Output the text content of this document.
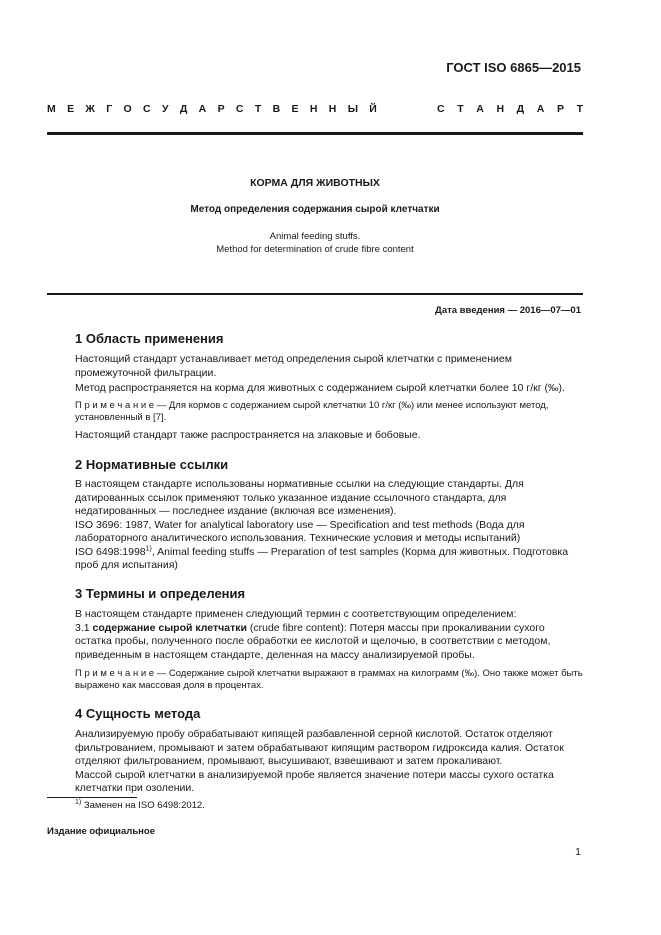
ГОСТ ISO 6865—2015
М Е Ж Г О С У Д А Р С Т В Е Н Н Ы Й	С Т А Н Д А Р Т
КОРМА ДЛЯ ЖИВОТНЫХ
Метод определения содержания сырой клетчатки
Animal feeding stuffs.
Method for determination of crude fibre content
Дата введения — 2016—07—01
1 Область применения

Настоящий стандарт устанавливает метод определения сырой клетчатки с применением промежуточной фильтрации.

Метод распространяется на корма для животных с содержанием сырой клетчатки более 10 г/кг (‰).

П р и м е ч а н и е — Для кормов с содержанием сырой клетчатки 10 г/кг (‰) или менее используют метод, установленный в [7].

Настоящий стандарт также распространяется на злаковые и бобовые.

2 Нормативные ссылки

В настоящем стандарте использованы нормативные ссылки на следующие стандарты. Для датированных ссылок применяют только указанное издание ссылочного стандарта, для недатированных — последнее издание (включая все изменения).

ISO 3696: 1987, Water for analytical laboratory use — Specification and test methods (Вода для лабораторного аналитического использования. Технические условия и методы испытаний)

ISO 6498:1998$^{1)}$, Animal feeding stuffs — Preparation of test samples (Корма для животных. Подготовка проб для испытания)

3 Термины и определения

В настоящем стандарте применен следующий термин с соответствующим определением:

3.1 содержание сырой клетчатки (crude fibre content): Потеря массы при прокаливании сухого остатка пробы, полученного после обработки ее кислотой и щелочью, в соответствии с методом, приведенным в настоящем стандарте, деленная на массу анализируемой пробы.

П р и м е ч а н и е — Содержание сырой клетчатки выражают в граммах на килограмм (‰). Оно также может быть выражено как массовая доля в процентах.

4 Сущность метода

Анализируемую пробу обрабатывают кипящей разбавленной серной кислотой. Остаток отделяют фильтрованием, промывают и затем обрабатывают кипящим раствором гидроксида калия. Остаток отделяют фильтрованием, промывают, высушивают, взвешивают и затем прокаливают.

Массой сырой клетчатки в анализируемой пробе является значение потери массы сухого остатка клетчатки при озолении.

$^{1)}$ Заменен на ISO 6498:2012.
Издание официальное
1
